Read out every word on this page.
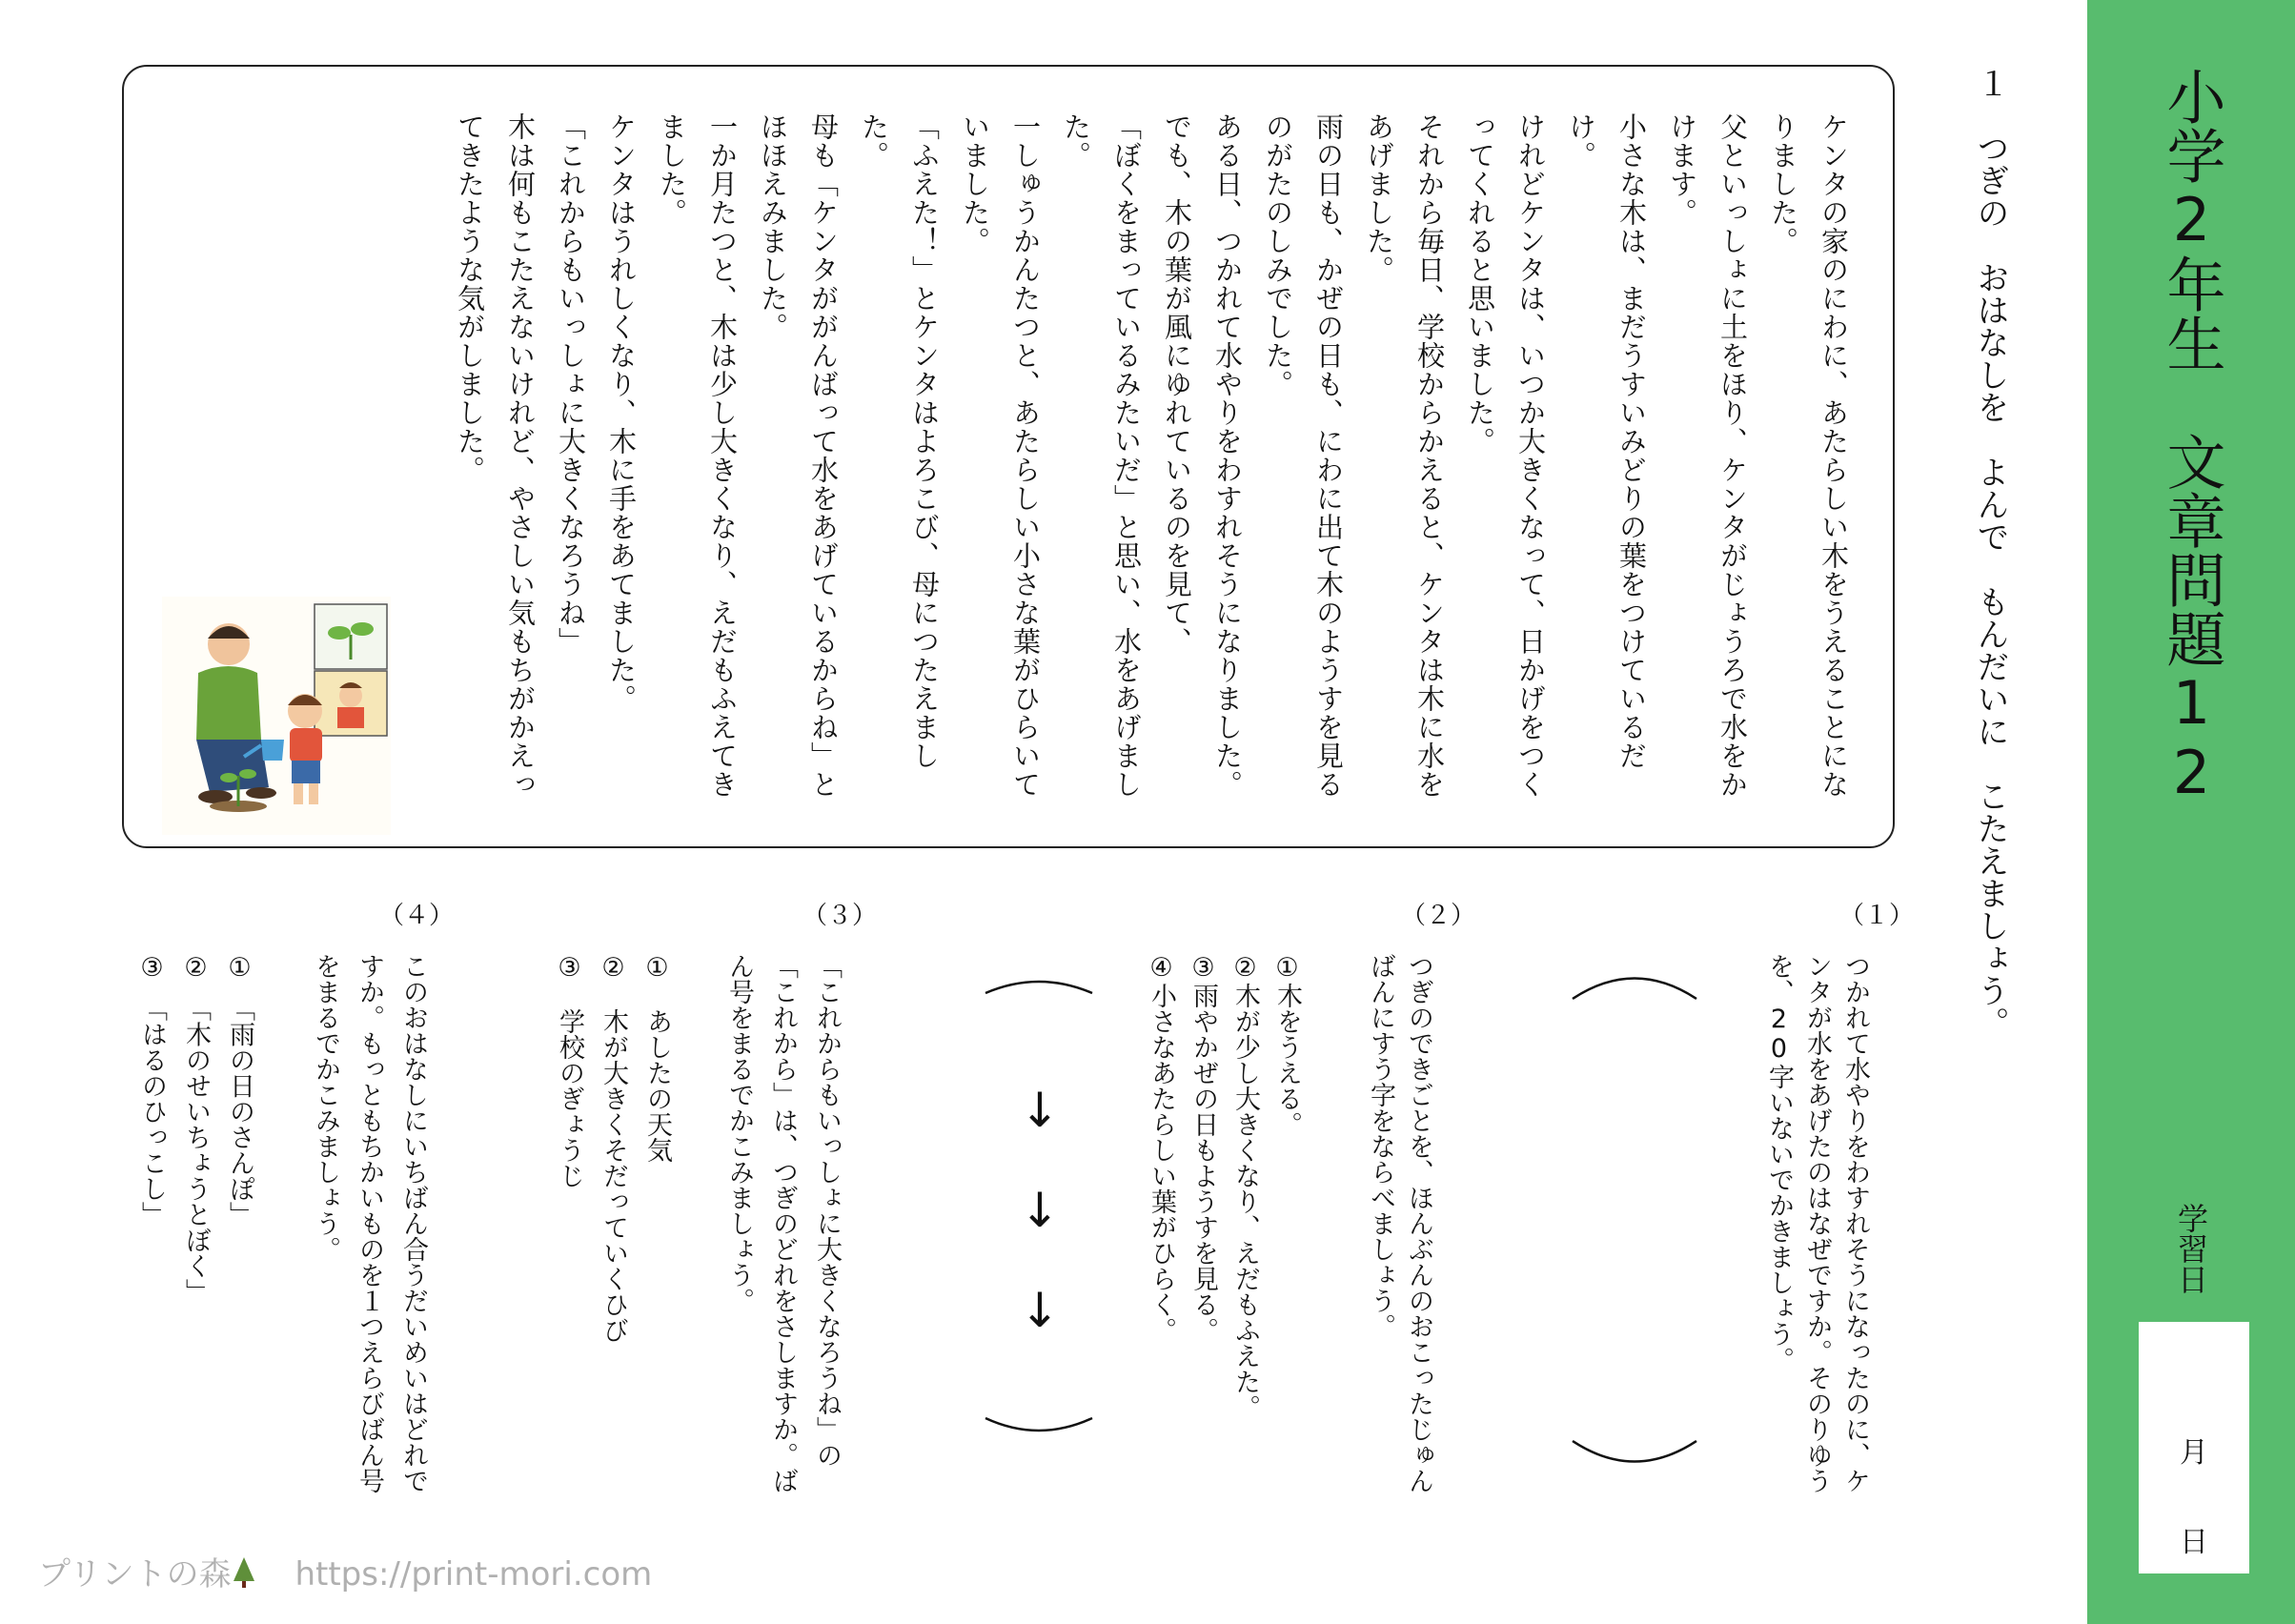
小学2年生　文章問題12
学習日
月
日
１　つぎの　おはなしを　よんで　もんだいに　こたえましょう。

ケンタの家のにわに、あたらしい木をうえることになりました。

父といっしょに土をほり、ケンタがじょうろで水をかけます。

小さな木は、まだうすいみどりの葉をつけているだけ。

けれどケンタは、いつか大きくなって、日かげをつくってくれると思いました。

それから毎日、学校からかえると、ケンタは木に水をあげました。

雨の日も、かぜの日も、にわに出て木のようすを見るのがたのしみでした。

ある日、つかれて水やりをわすれそうになりました。

でも、木の葉が風にゆれているのを見て、

「ぼくをまっているみたいだ」と思い、水をあげました。

一しゅうかんたつと、あたらしい小さな葉がひらいていました。

「ふえた！」とケンタはよろこび、母につたえました。

母も「ケンタががんばって水をあげているからね」とほほえみました。

一か月たつと、木は少し大きくなり、えだもふえてきました。

ケンタはうれしくなり、木に手をあてました。

「これからもいっしょに大きくなろうね」

木は何もこたえないけれど、やさしい気もちがかえってきたような気がしました。

（１）
つかれて水やりをわすれそうになったのに、ケンタが水をあげたのはなぜですか。そのりゆうを、20字いないでかきましょう。
（２）
つぎのできごとを、ほんぶんのおこったじゅんばんにすう字をならべましょう。

①木をうえる。

②木が少し大きくなり、えだもふえた。

③雨やかぜの日もようすを見る。

④小さなあたらしい葉がひらく。

↓
↓
↓
（３）
「これからもいっしょに大きくなろうね」の「これから」は、つぎのどれをさしますか。ばん号をまるでかこみましょう。

①　あしたの天気

②　木が大きくそだっていくひび

③　学校のぎょうじ

（４）
このおはなしにいちばん合うだいめいはどれですか。もっともちかいものを１つえらびばん号をまるでかこみましょう。

①　「雨の日のさんぽ」

②　「木のせいちょうとぼく」

③　「はるのひっこし」

プリントの森 https://print-mori.com
